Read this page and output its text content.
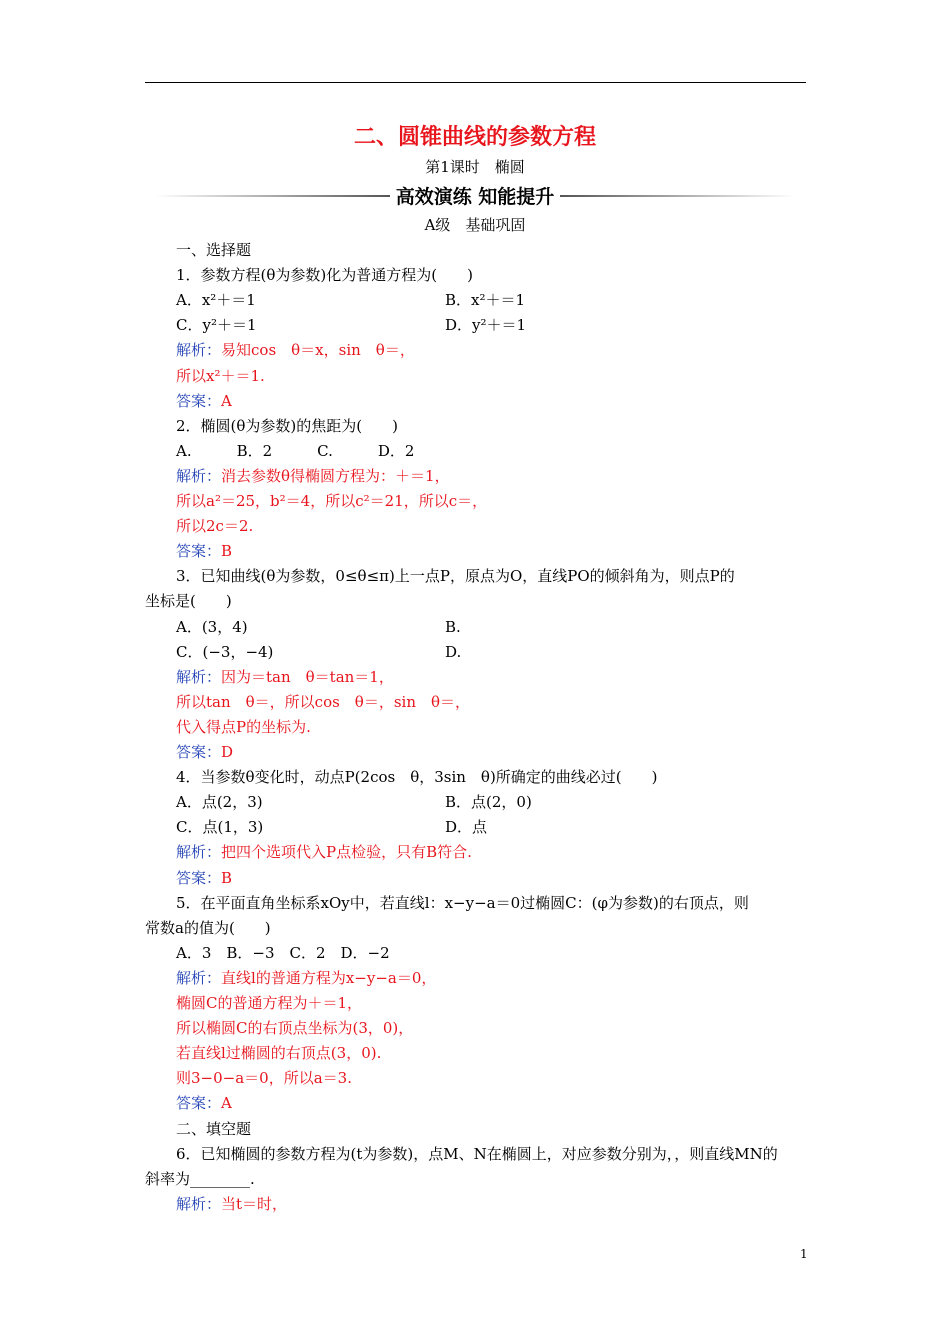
二、圆锥曲线的参数方程
第1课时　椭圆
高效演练 知能提升
A级　基础巩固
一、选择题
1．参数方程(θ为参数)化为普通方程为(　　)
A．x²＋＝1	B．x²＋＝1
C．y²＋＝1	D．y²＋＝1
解析：易知cos　θ＝x，sin　θ＝，
所以x²＋＝1.
答案：A
2．椭圆(θ为参数)的焦距为(　　)
A.　　　B．2　　　C.　　　D．2
解析：消去参数θ得椭圆方程为：＋＝1，
所以a²＝25，b²＝4，所以c²＝21，所以c＝，
所以2c＝2.
答案：B
3．已知曲线(θ为参数，0≤θ≤π)上一点P，原点为O，直线PO的倾斜角为，则点P的
坐标是(　　)
A．(3，4)	B.
C．(−3，−4)	D.
解析：因为＝tan　θ＝tan＝1，
所以tan　θ＝，所以cos　θ＝，sin　θ＝，
代入得点P的坐标为.
答案：D
4．当参数θ变化时，动点P(2cos　θ，3sin　θ)所确定的曲线必过(　　)
A．点(2，3)	B．点(2，0)
C．点(1，3)	D．点
解析：把四个选项代入P点检验，只有B符合.
答案：B
5．在平面直角坐标系xOy中，若直线l：x−y−a＝0过椭圆C：(φ为参数)的右顶点，则
常数a的值为(　　)
A．3　B．−3　C．2　D．−2
解析：直线l的普通方程为x−y−a＝0，
椭圆C的普通方程为＋＝1，
所以椭圆C的右顶点坐标为(3，0)，
若直线l过椭圆的右顶点(3，0).
则3−0−a＝0，所以a＝3.
答案：A
二、填空题
6．已知椭圆的参数方程为(t为参数)，点M、N在椭圆上，对应参数分别为，，则直线MN的
斜率为________.
解析：当t＝时，
1
